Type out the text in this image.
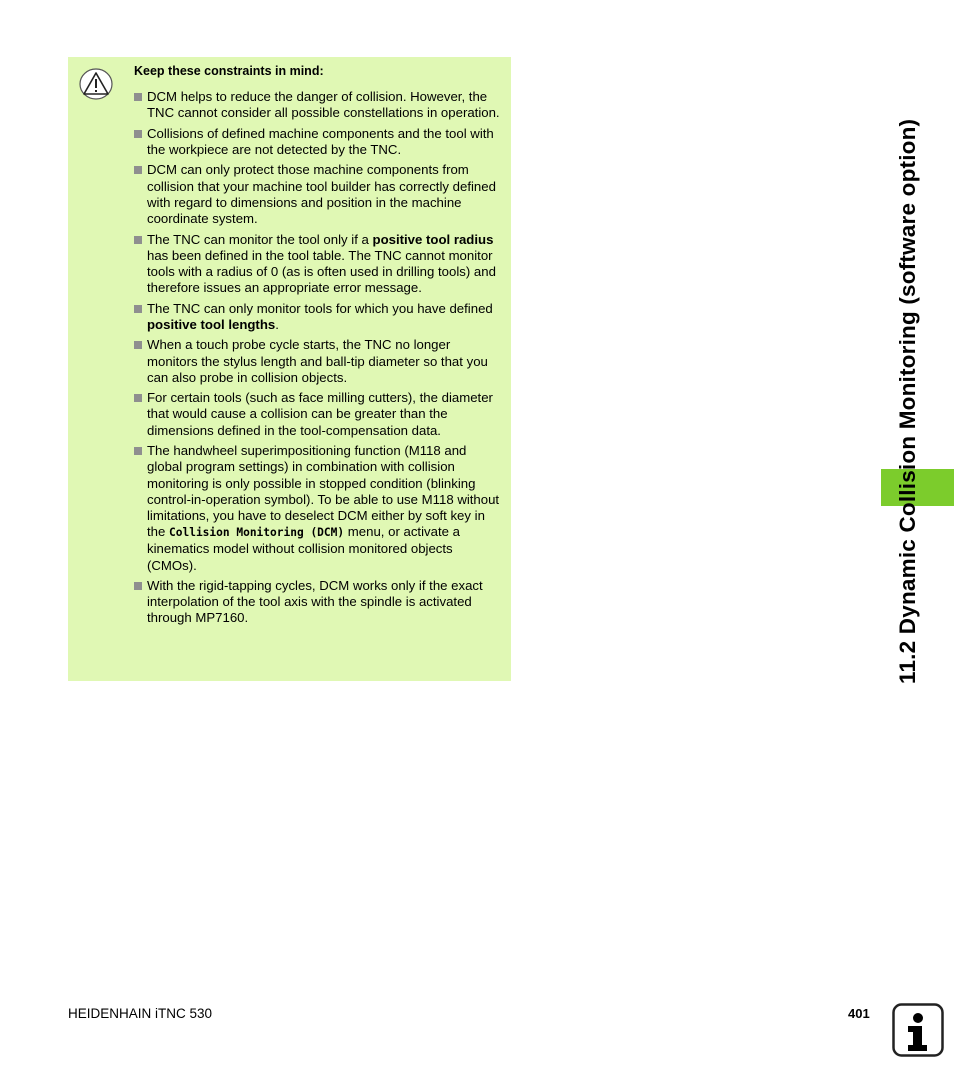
Keep these constraints in mind:
DCM helps to reduce the danger of collision. However, the TNC cannot consider all possible constellations in operation.
Collisions of defined machine components and the tool with the workpiece are not detected by the TNC.
DCM can only protect those machine components from collision that your machine tool builder has correctly defined with regard to dimensions and position in the machine coordinate system.
The TNC can monitor the tool only if a positive tool radius has been defined in the tool table. The TNC cannot monitor tools with a radius of 0 (as is often used in drilling tools) and therefore issues an appropriate error message.
The TNC can only monitor tools for which you have defined positive tool lengths.
When a touch probe cycle starts, the TNC no longer monitors the stylus length and ball-tip diameter so that you can also probe in collision objects.
For certain tools (such as face milling cutters), the diameter that would cause a collision can be greater than the dimensions defined in the tool-compensation data.
The handwheel superimpositioning function (M118 and global program settings) in combination with collision monitoring is only possible in stopped condition (blinking control-in-operation symbol). To be able to use M118 without limitations, you have to deselect DCM either by soft key in the Collision Monitoring (DCM) menu, or activate a kinematics model without collision monitored objects (CMOs).
With the rigid-tapping cycles, DCM works only if the exact interpolation of the tool axis with the spindle is activated through MP7160.	11.2 Dynamic Collision Monitoring (software option)
HEIDENHAIN iTNC 530	401
